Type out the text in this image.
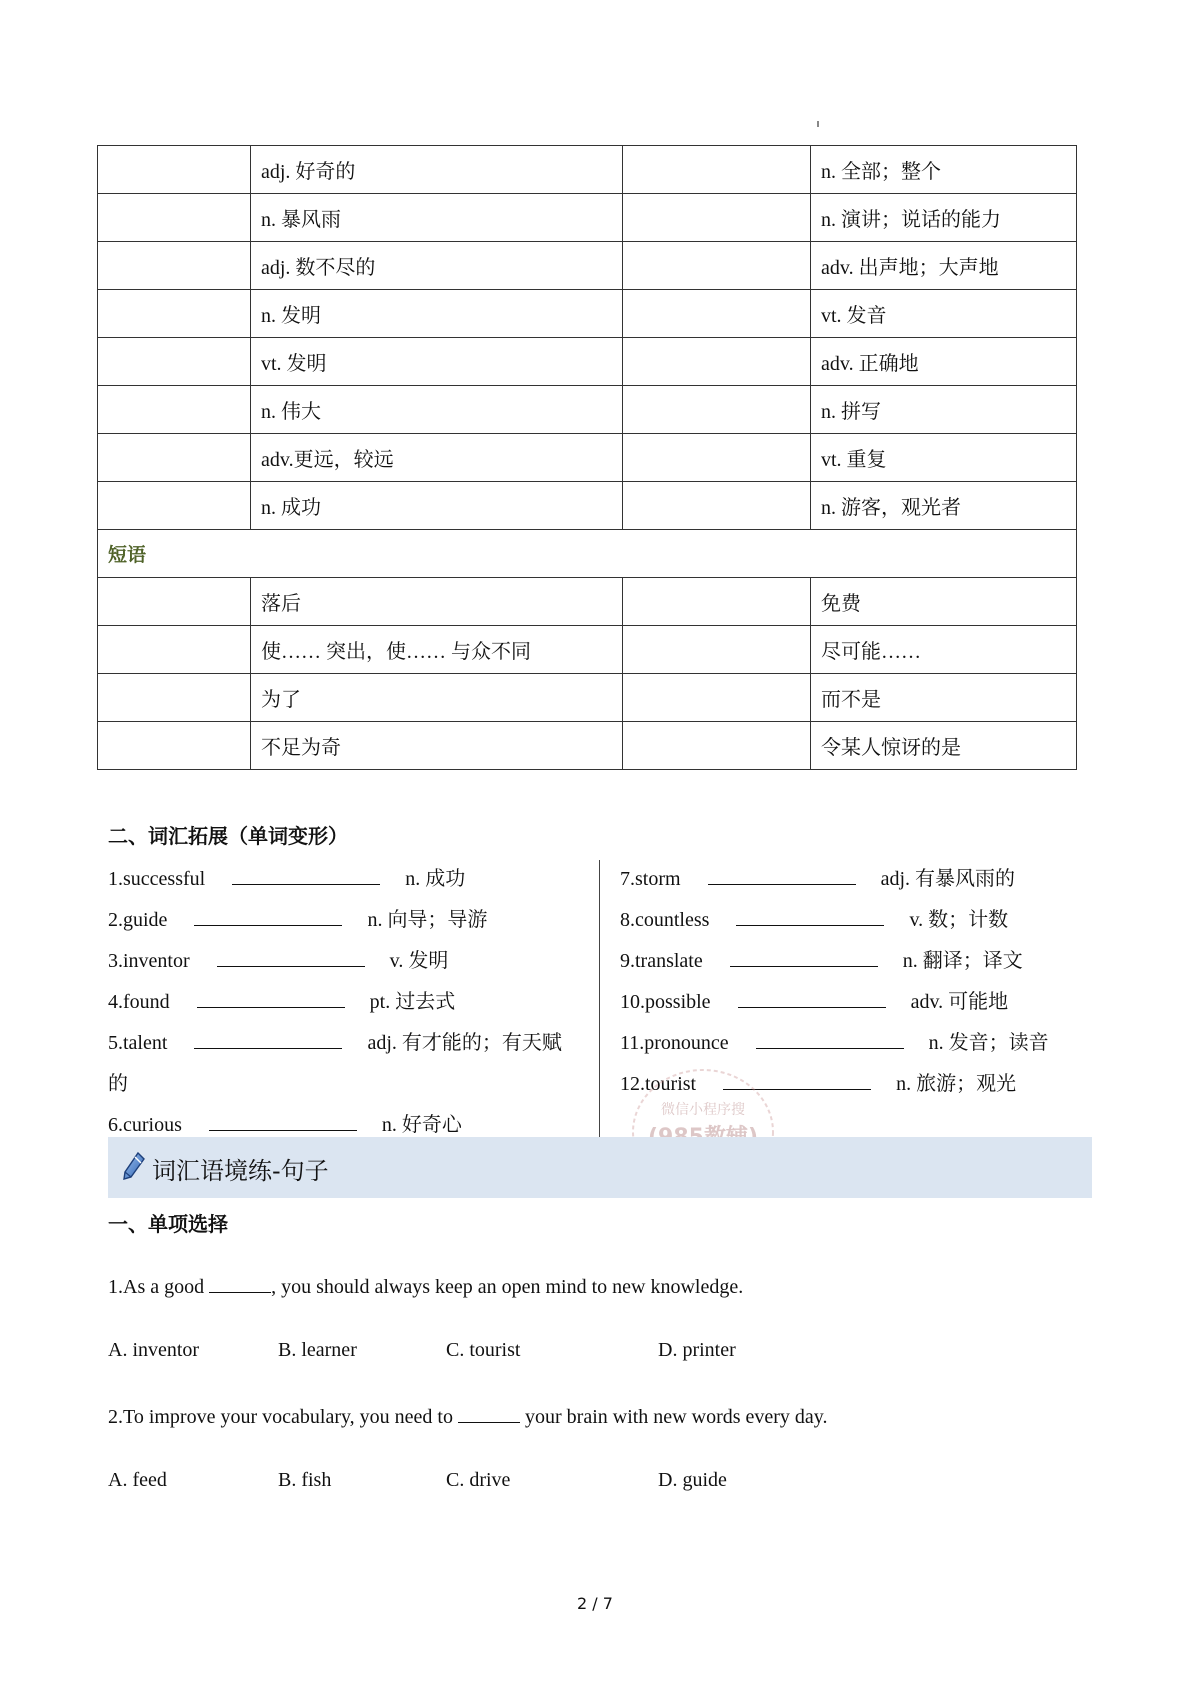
	adj. 好奇的		n. 全部；整个
	n. 暴风雨		n. 演讲；说话的能力
	adj. 数不尽的		adv. 出声地；大声地
	n. 发明		vt. 发音
	vt. 发明		adv. 正确地
	n. 伟大		n. 拼写
	adv.更远，较远		vt. 重复
	n. 成功		n. 游客，观光者
短语			
	落后		免费
	使…… 突出，使…… 与众不同		尽可能……
	为了		而不是
	不足为奇		令某人惊讶的是
二、词汇拓展（单词变形）
1.successful	n. 成功
2.guide	n. 向导；导游
3.inventor	v. 发明
4.found	pt. 过去式
5.talent	adj. 有才能的；有天赋
的
6.curious	n. 好奇心
7.storm	adj. 有暴风雨的
8.countless	v. 数；计数
9.translate	n. 翻译；译文
10.possible	adv. 可能地
11.pronounce	n. 发音；读音
12.tourist	n. 旅游；观光
微信小程序搜
词汇语境练-句子
一、单项选择
1.As a good	, you should always keep an open mind to new knowledge.
A. inventor	B. learner	C. tourist	D. printer
2.To improve your vocabulary, you need to	your brain with new words every day.
A. feed	B. fish	C. drive	D. guide
2 / 7
